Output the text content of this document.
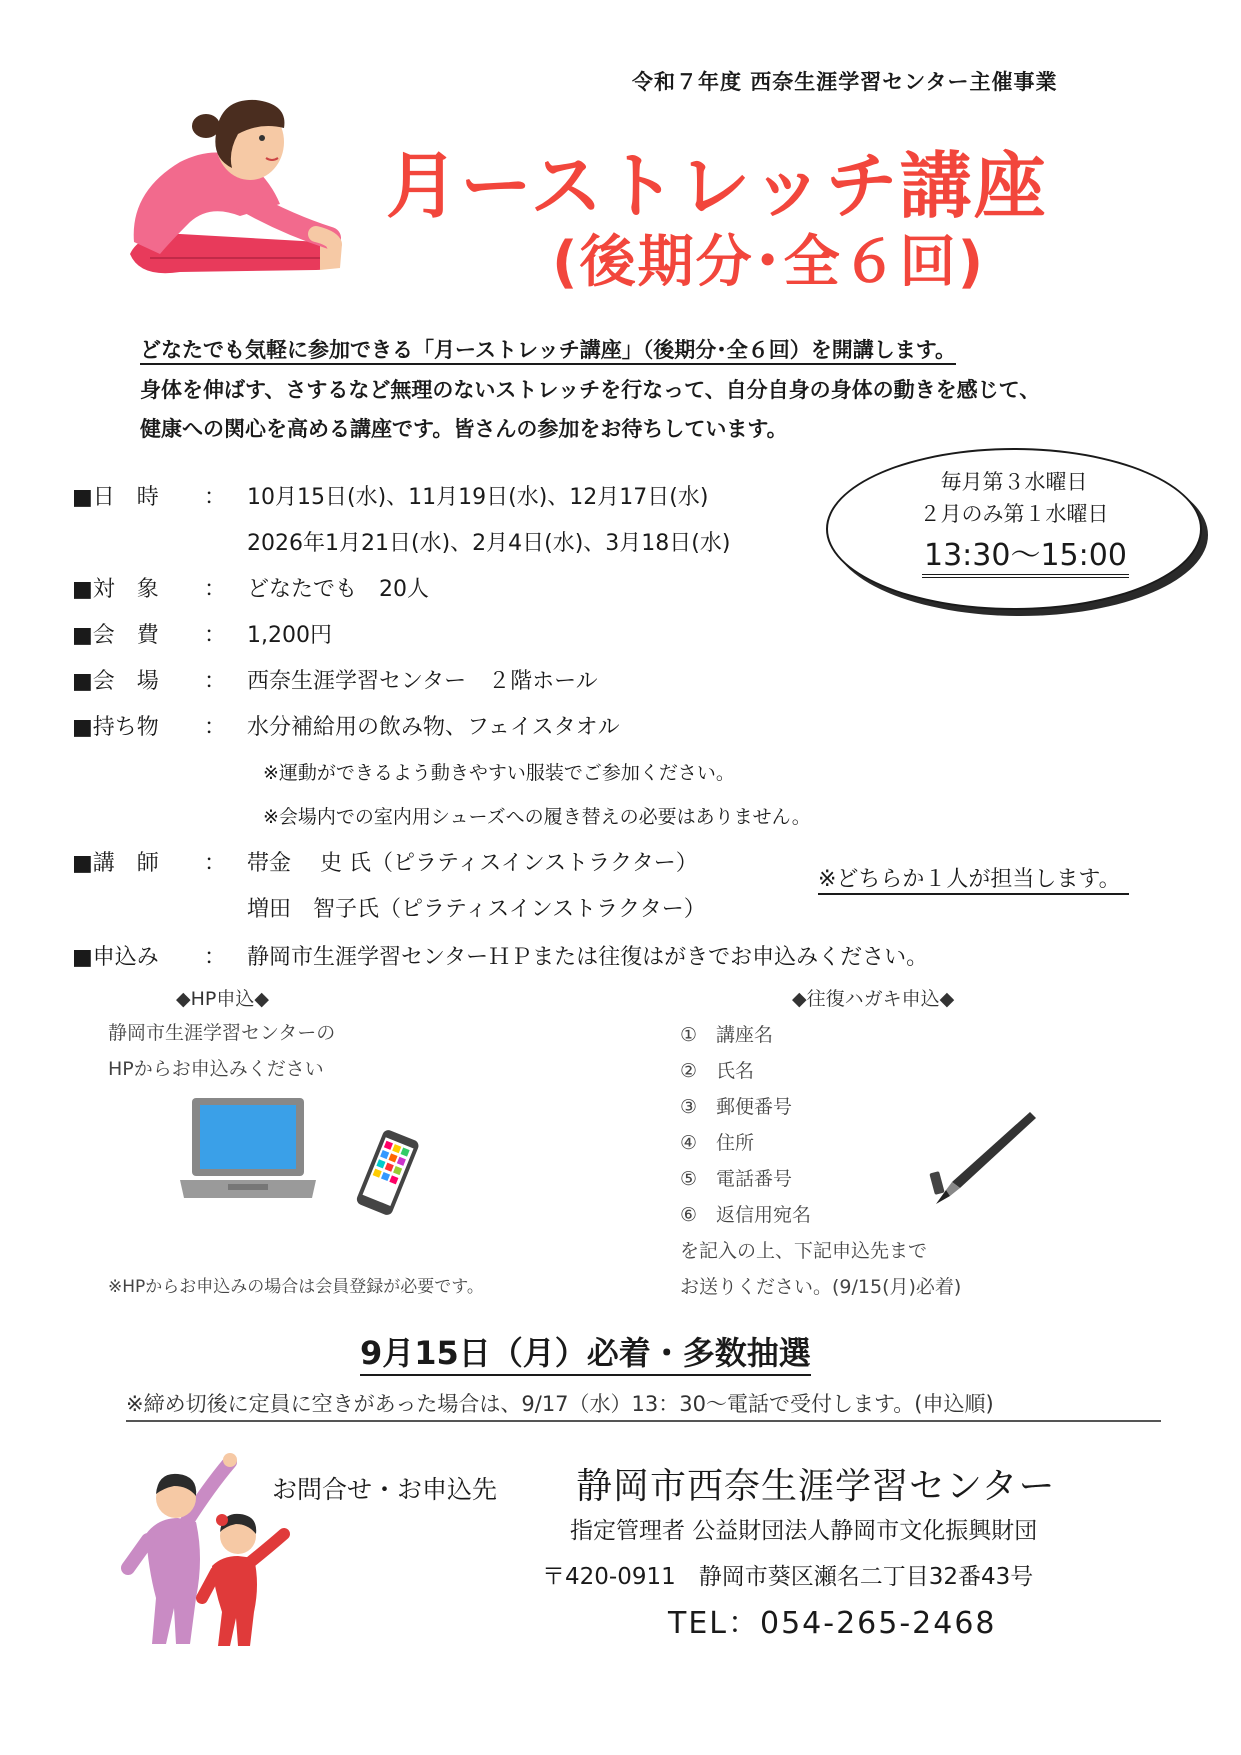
令和７年度 西奈生涯学習センター主催事業
月ーストレッチ講座
(後期分･全６回)
どなたでも気軽に参加できる「月ーストレッチ講座」（後期分･全６回）を開講します。
身体を伸ばす、さするなど無理のないストレッチを行なって、自分自身の身体の動きを感じて、
健康への関心を高める講座です。皆さんの参加をお待ちしています。
■日　時 ： 10月15日(水)、11月19日(水)、12月17日(水)
2026年1月21日(水)、2月4日(水)、3月18日(水)
■対　象 ： どなたでも　20人
■会　費 ： 1,200円
■会　場 ： 西奈生涯学習センター　２階ホール
■持ち物 ： 水分補給用の飲み物、フェイスタオル
※運動ができるよう動きやすい服装でご参加ください。
※会場内での室内用シューズへの履き替えの必要はありません。
■講　師 ： 帯金　 史 氏（ピラティスインストラクター）
増田　智子氏（ピラティスインストラクター）
※どちらか１人が担当します。
■申込み ： 静岡市生涯学習センターＨＰまたは往復はがきでお申込みください。
毎月第３水曜日
２月のみ第１水曜日
13:30～15:00
◆HP申込◆
静岡市生涯学習センターの
HPからお申込みください
※HPからお申込みの場合は会員登録が必要です。
◆往復ハガキ申込◆
①　講座名
②　氏名
③　郵便番号
④　住所
⑤　電話番号
⑥　返信用宛名
を記入の上、下記申込先まで
お送りください。(9/15(月)必着)
9月15日（月）必着・多数抽選
※締め切後に定員に空きがあった場合は、9/17（水）13：30～電話で受付します。(申込順)
お問合せ・お申込先 静岡市西奈生涯学習センター
指定管理者 公益財団法人静岡市文化振興財団
〒420-0911　静岡市葵区瀬名二丁目32番43号
TEL：054-265-2468
